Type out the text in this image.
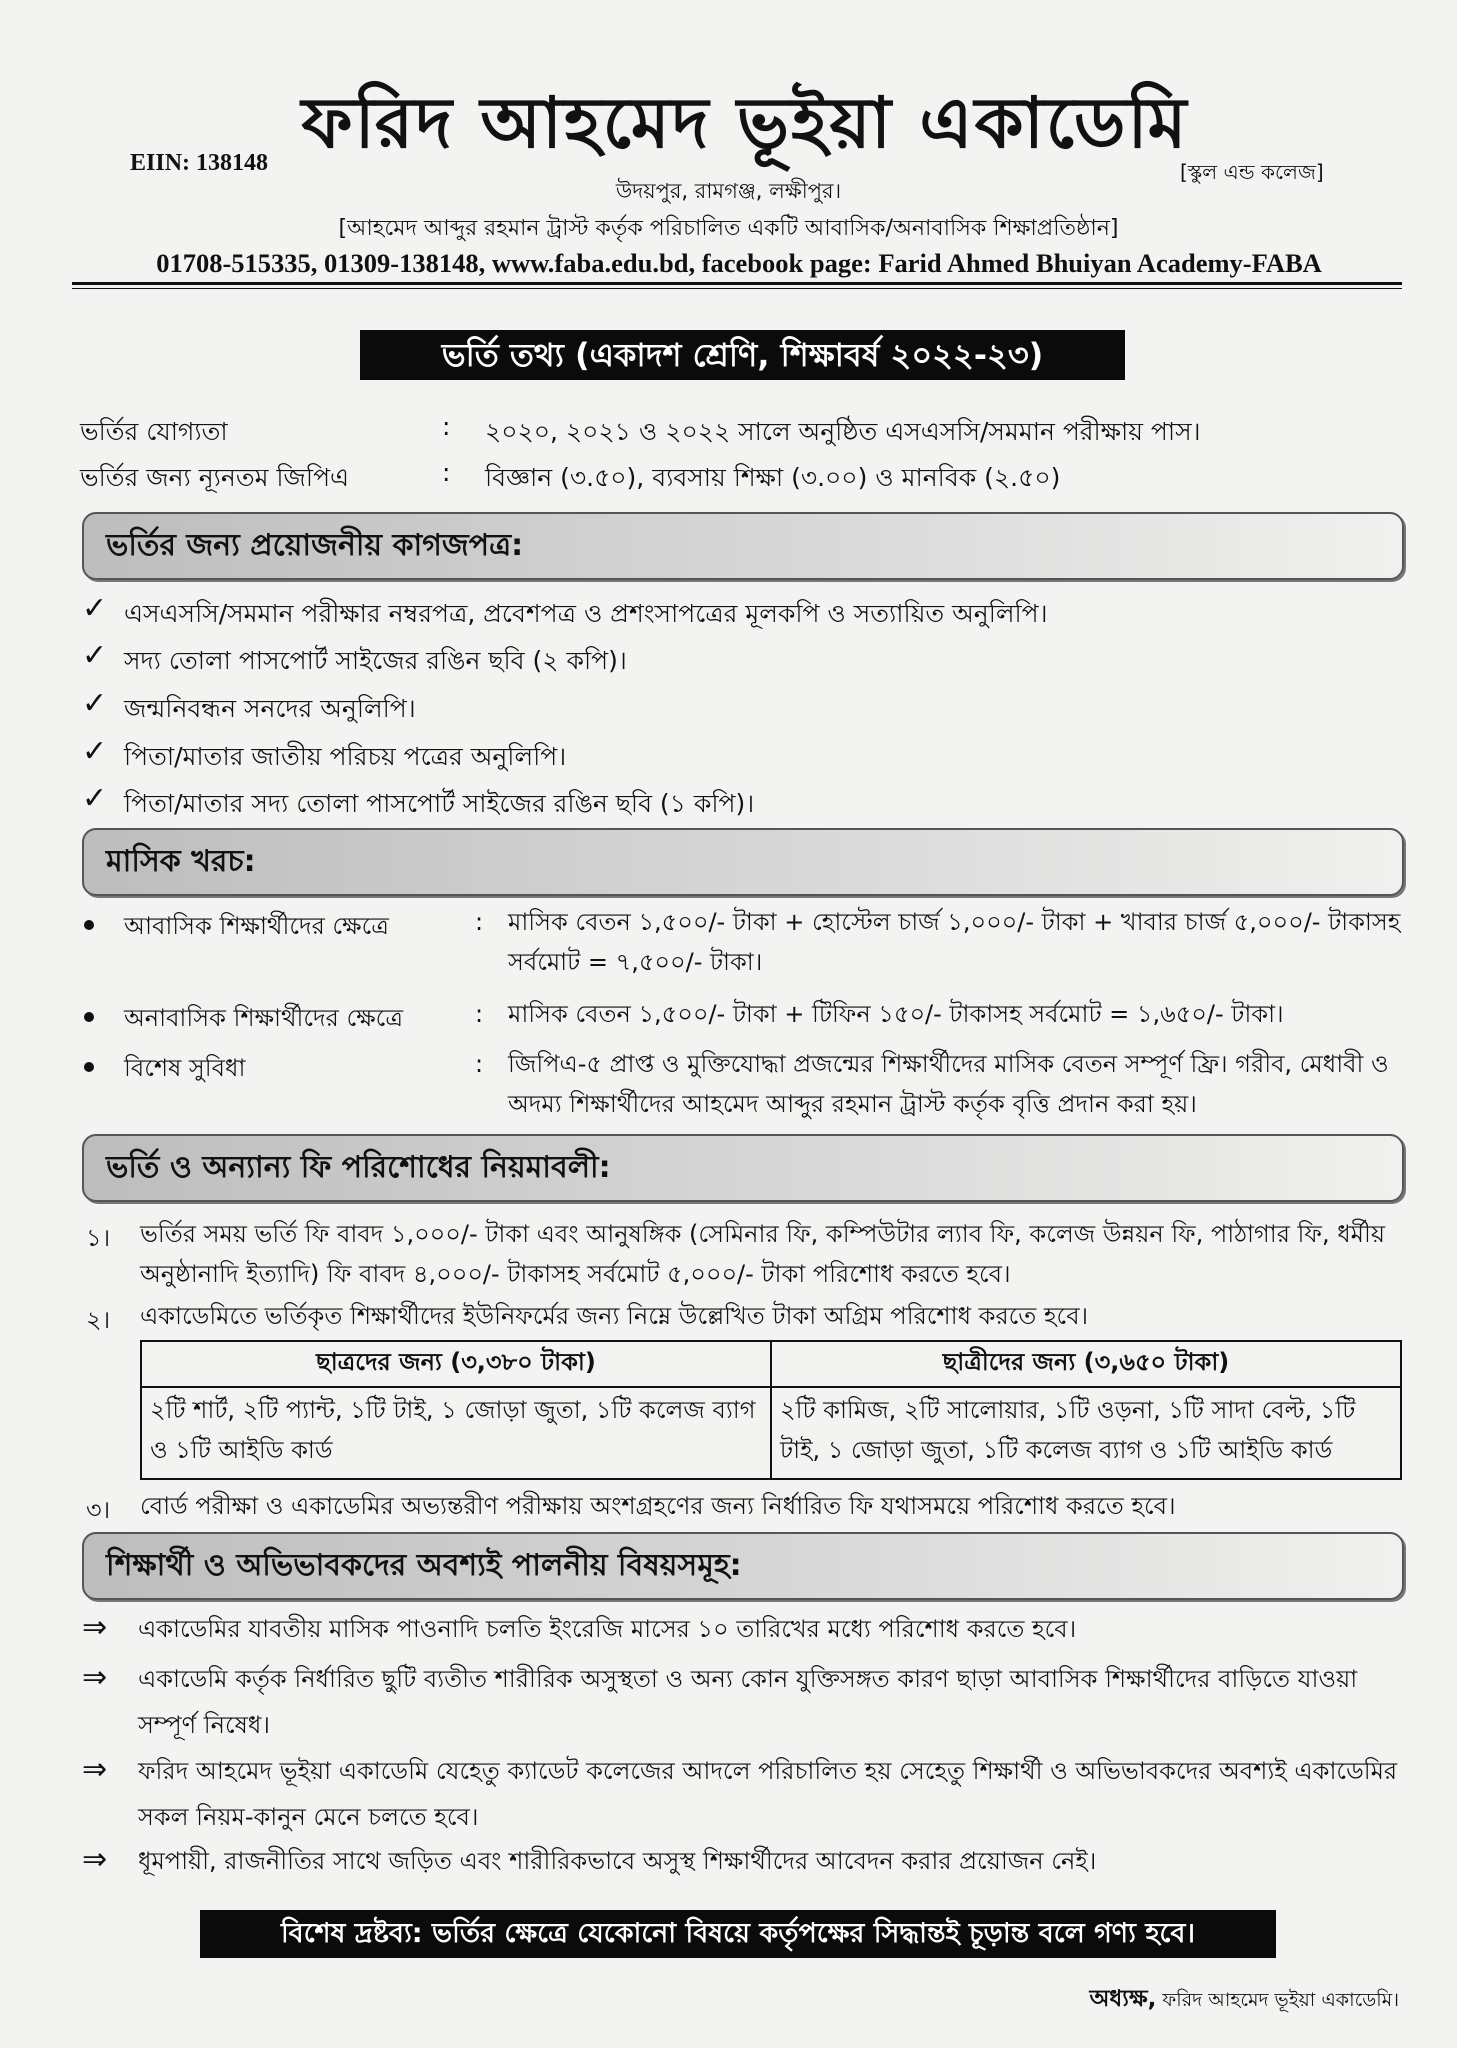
ফরিদ আহমেদ ভূইয়া একাডেমি
EIIN: 138148	[স্কুল এন্ড কলেজ]
উদয়পুর, রামগঞ্জ, লক্ষীপুর।
[আহমেদ আব্দুর রহমান ট্রাস্ট কর্তৃক পরিচালিত একটি আবাসিক/অনাবাসিক শিক্ষাপ্রতিষ্ঠান]
01708-515335, 01309-138148, www.faba.edu.bd, facebook page: Farid Ahmed Bhuiyan Academy-FABA
ভর্তি তথ্য (একাদশ শ্রেণি, শিক্ষাবর্ষ ২০২২-২৩)
ভর্তির যোগ্যতা	: ২০২০, ২০২১ ও ২০২২ সালে অনুষ্ঠিত এসএসসি/সমমান পরীক্ষায় পাস।
ভর্তির জন্য ন্যূনতম জিপিএ	: বিজ্ঞান (৩.৫০), ব্যবসায় শিক্ষা (৩.০০) ও মানবিক (২.৫০)
ভর্তির জন্য প্রয়োজনীয় কাগজপত্র:
✓ এসএসসি/সমমান পরীক্ষার নম্বরপত্র, প্রবেশপত্র ও প্রশংসাপত্রের মূলকপি ও সত্যায়িত অনুলিপি।
✓ সদ্য তোলা পাসপোর্ট সাইজের রঙিন ছবি (২ কপি)।
✓ জন্মনিবন্ধন সনদের অনুলিপি।
✓ পিতা/মাতার জাতীয় পরিচয় পত্রের অনুলিপি।
✓ পিতা/মাতার সদ্য তোলা পাসপোর্ট সাইজের রঙিন ছবি (১ কপি)।
মাসিক খরচ:
আবাসিক শিক্ষার্থীদের ক্ষেত্রে	: মাসিক বেতন ১,৫০০/- টাকা + হোস্টেল চার্জ ১,০০০/- টাকা + খাবার চার্জ ৫,০০০/- টাকাসহ সর্বমোট = ৭,৫০০/- টাকা।
অনাবাসিক শিক্ষার্থীদের ক্ষেত্রে	: মাসিক বেতন ১,৫০০/- টাকা + টিফিন ১৫০/- টাকাসহ সর্বমোট = ১,৬৫০/- টাকা।
বিশেষ সুবিধা	: জিপিএ-৫ প্রাপ্ত ও মুক্তিযোদ্ধা প্রজন্মের শিক্ষার্থীদের মাসিক বেতন সম্পূর্ণ ফ্রি। গরীব, মেধাবী ও অদম্য শিক্ষার্থীদের আহমেদ আব্দুর রহমান ট্রাস্ট কর্তৃক বৃত্তি প্রদান করা হয়।
ভর্তি ও অন্যান্য ফি পরিশোধের নিয়মাবলী:
১। ভর্তির সময় ভর্তি ফি বাবদ ১,০০০/- টাকা এবং আনুষঙ্গিক (সেমিনার ফি, কম্পিউটার ল্যাব ফি, কলেজ উন্নয়ন ফি, পাঠাগার ফি, ধর্মীয় অনুষ্ঠানাদি ইত্যাদি) ফি বাবদ ৪,০০০/- টাকাসহ সর্বমোট ৫,০০০/- টাকা পরিশোধ করতে হবে।
২। একাডেমিতে ভর্তিকৃত শিক্ষার্থীদের ইউনিফর্মের জন্য নিম্নে উল্লেখিত টাকা অগ্রিম পরিশোধ করতে হবে।
ছাত্রদের জন্য (৩,৩৮০ টাকা)	ছাত্রীদের জন্য (৩,৬৫০ টাকা)
২টি শার্ট, ২টি প্যান্ট, ১টি টাই, ১ জোড়া জুতা, ১টি কলেজ ব্যাগ ও ১টি আইডি কার্ড	২টি কামিজ, ২টি সালোয়ার, ১টি ওড়না, ১টি সাদা বেল্ট, ১টি টাই, ১ জোড়া জুতা, ১টি কলেজ ব্যাগ ও ১টি আইডি কার্ড
৩। বোর্ড পরীক্ষা ও একাডেমির অভ্যন্তরীণ পরীক্ষায় অংশগ্রহণের জন্য নির্ধারিত ফি যথাসময়ে পরিশোধ করতে হবে।
শিক্ষার্থী ও অভিভাবকদের অবশ্যই পালনীয় বিষয়সমূহ:
⇒ একাডেমির যাবতীয় মাসিক পাওনাদি চলতি ইংরেজি মাসের ১০ তারিখের মধ্যে পরিশোধ করতে হবে।
⇒ একাডেমি কর্তৃক নির্ধারিত ছুটি ব্যতীত শারীরিক অসুস্থতা ও অন্য কোন যুক্তিসঙ্গত কারণ ছাড়া আবাসিক শিক্ষার্থীদের বাড়িতে যাওয়া সম্পূর্ণ নিষেধ।
⇒ ফরিদ আহমেদ ভূইয়া একাডেমি যেহেতু ক্যাডেট কলেজের আদলে পরিচালিত হয় সেহেতু শিক্ষার্থী ও অভিভাবকদের অবশ্যই একাডেমির সকল নিয়ম-কানুন মেনে চলতে হবে।
⇒ ধূমপায়ী, রাজনীতির সাথে জড়িত এবং শারীরিকভাবে অসুস্থ শিক্ষার্থীদের আবেদন করার প্রয়োজন নেই।
বিশেষ দ্রষ্টব্য: ভর্তির ক্ষেত্রে যেকোনো বিষয়ে কর্তৃপক্ষের সিদ্ধান্তই চূড়ান্ত বলে গণ্য হবে।
অধ্যক্ষ, ফরিদ আহমেদ ভূইয়া একাডেমি।
